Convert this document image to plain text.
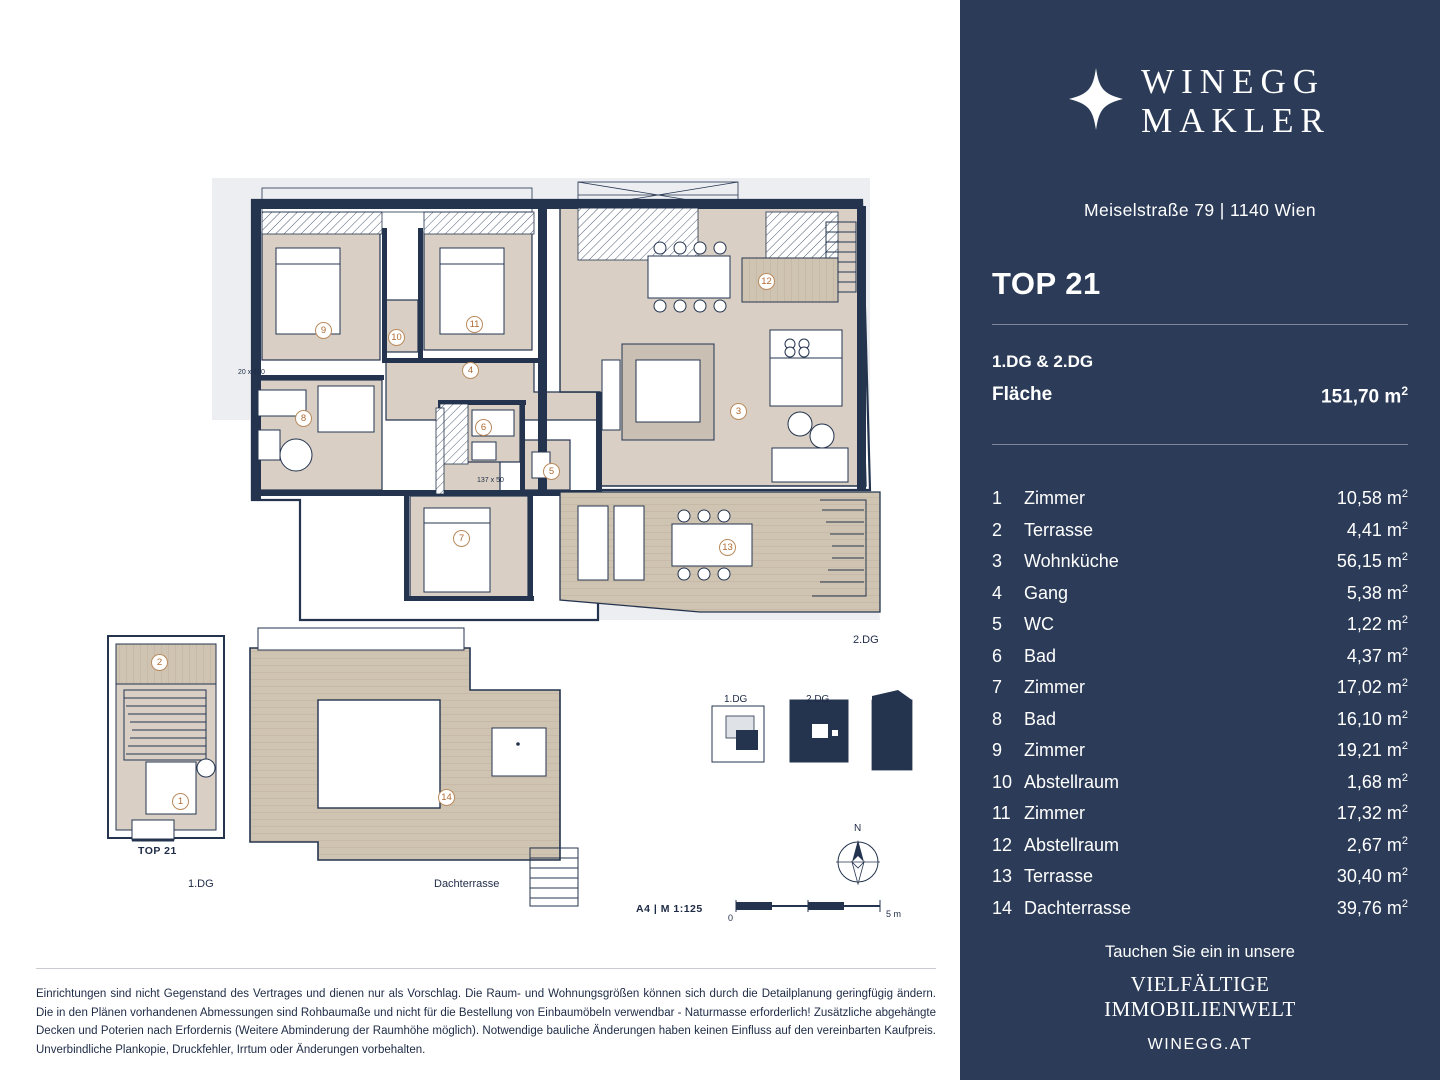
2.DG
TOP 21
1.DG	Dachterrasse
A4 | M 1:125
0	5 m
1.DG	2.DG
N
20 x 100
137 x 50
9
10
11
4
8
6
3
5
7
12
13
2
1	14

Einrichtungen sind nicht Gegenstand des Vertrages und dienen nur als Vorschlag. Die Raum- und Wohnungsgrößen können sich durch die Detailplanung geringfügig ändern. Die in den Plänen vorhandenen Abmessungen sind Rohbaumaße und nicht für die Bestellung von Einbaumöbeln verwendbar - Naturmasse erforderlich! Zusätzliche abgehängte Decken und Poterien nach Erfordernis (Weitere Abminderung der Raumhöhe möglich). Notwendige bauliche Änderungen haben keinen Einfluss auf den vereinbarten Kaufpreis. Unverbindliche Plankopie, Druckfehler, Irrtum oder Änderungen vorbehalten.

WINEGG
MAKLER
Meiselstraße 79 | 1140 Wien
TOP 21
1.DG & 2.DG
Fläche	151,70 $m^2$
1	Zimmer	10,58 $m^2$
2	Terrasse	4,41 $m^2$
3	Wohnküche	56,15 $m^2$
4	Gang	5,38 $m^2$
5	WC	1,22 $m^2$
6	Bad	4,37 $m^2$
7	Zimmer	17,02 $m^2$
8	Bad	16,10 $m^2$
9	Zimmer	19,21 $m^2$
10 Abstellraum	1,68 $m^2$
11 Zimmer	17,32 $m^2$
12 Abstellraum	2,67 $m^2$
13 Terrasse	30,40 $m^2$
14 Dachterrasse	39,76 $m^2$
Tauchen Sie ein in unsere
VIELFÄLTIGE
IMMOBILIENWELT
WINEGG.AT
